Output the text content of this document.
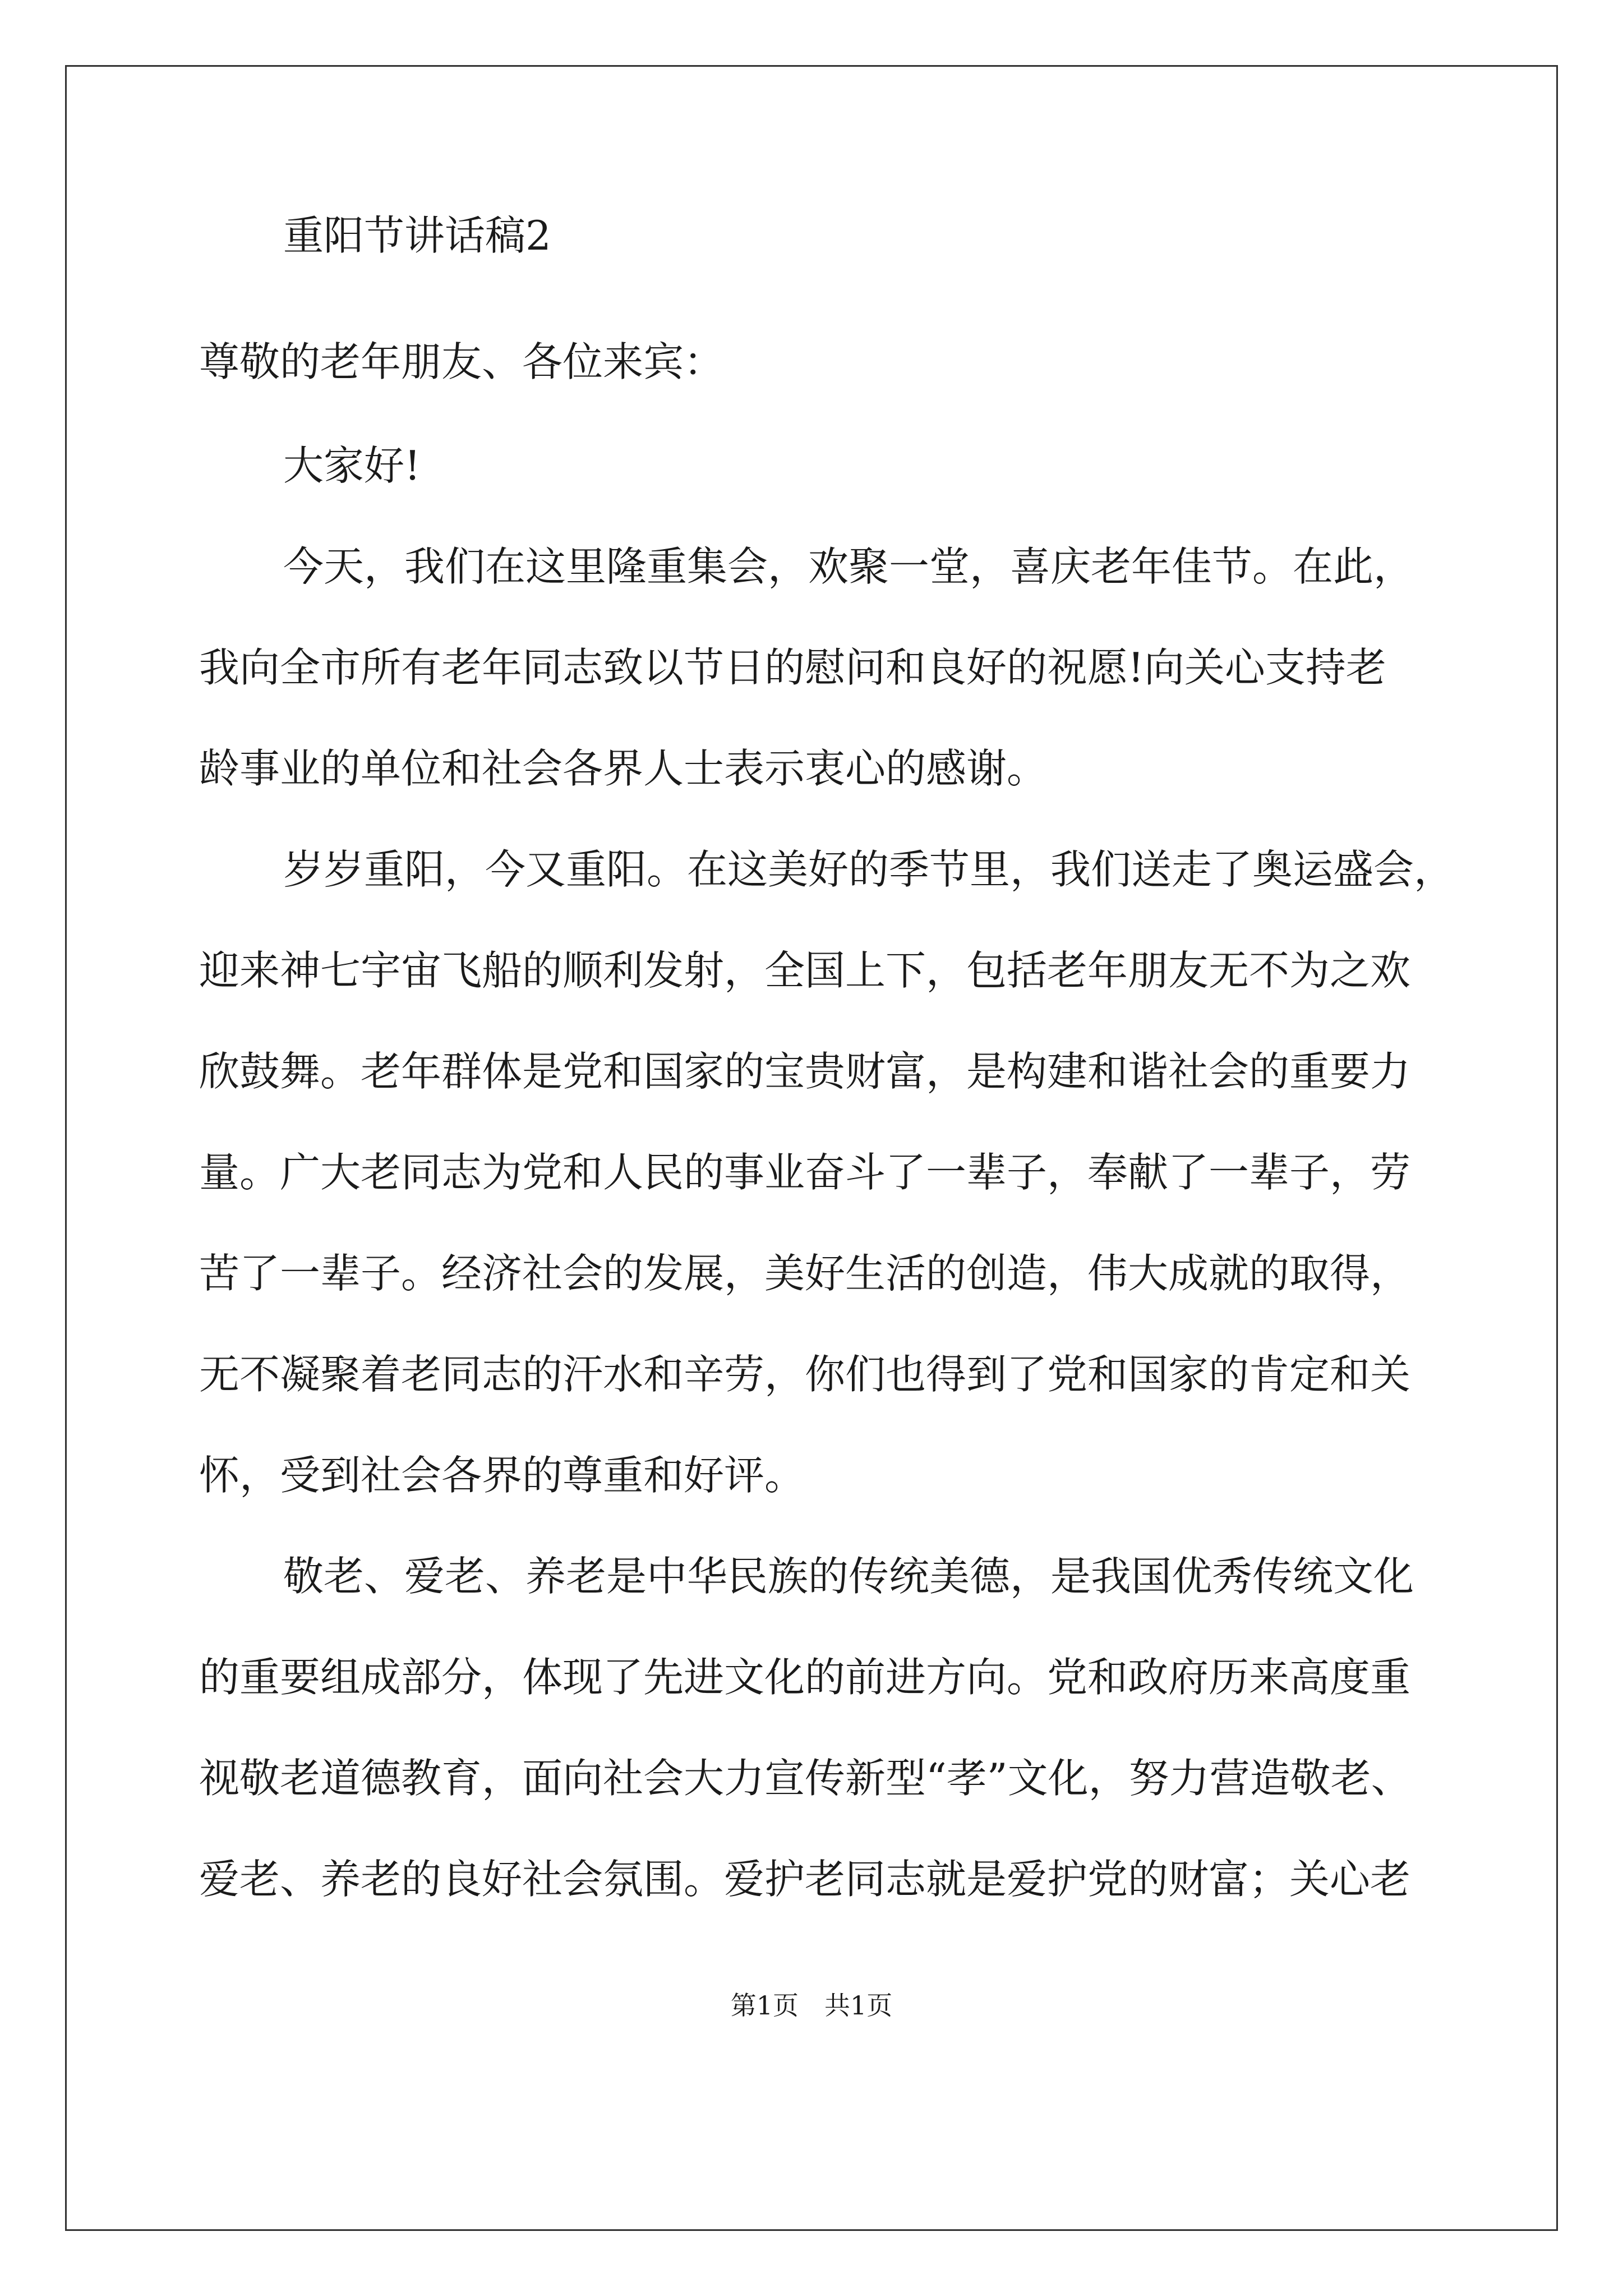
重阳节讲话稿2
尊敬的老年朋友、各位来宾：
大家好!
今天，我们在这里隆重集会，欢聚一堂，喜庆老年佳节。在此，
我向全市所有老年同志致以节日的慰问和良好的祝愿!向关心支持老
龄事业的单位和社会各界人士表示衷心的感谢。
岁岁重阳，今又重阳。在这美好的季节里，我们送走了奥运盛会，
迎来神七宇宙飞船的顺利发射，全国上下，包括老年朋友无不为之欢
欣鼓舞。老年群体是党和国家的宝贵财富，是构建和谐社会的重要力
量。广大老同志为党和人民的事业奋斗了一辈子，奉献了一辈子，劳
苦了一辈子。经济社会的发展，美好生活的创造，伟大成就的取得，
无不凝聚着老同志的汗水和辛劳，你们也得到了党和国家的肯定和关
怀，受到社会各界的尊重和好评。
敬老、爱老、养老是中华民族的传统美德，是我国优秀传统文化
的重要组成部分，体现了先进文化的前进方向。党和政府历来高度重
视敬老道德教育，面向社会大力宣传新型“孝”文化，努力营造敬老、
爱老、养老的良好社会氛围。爱护老同志就是爱护党的财富；关心老
第1页　共1页
